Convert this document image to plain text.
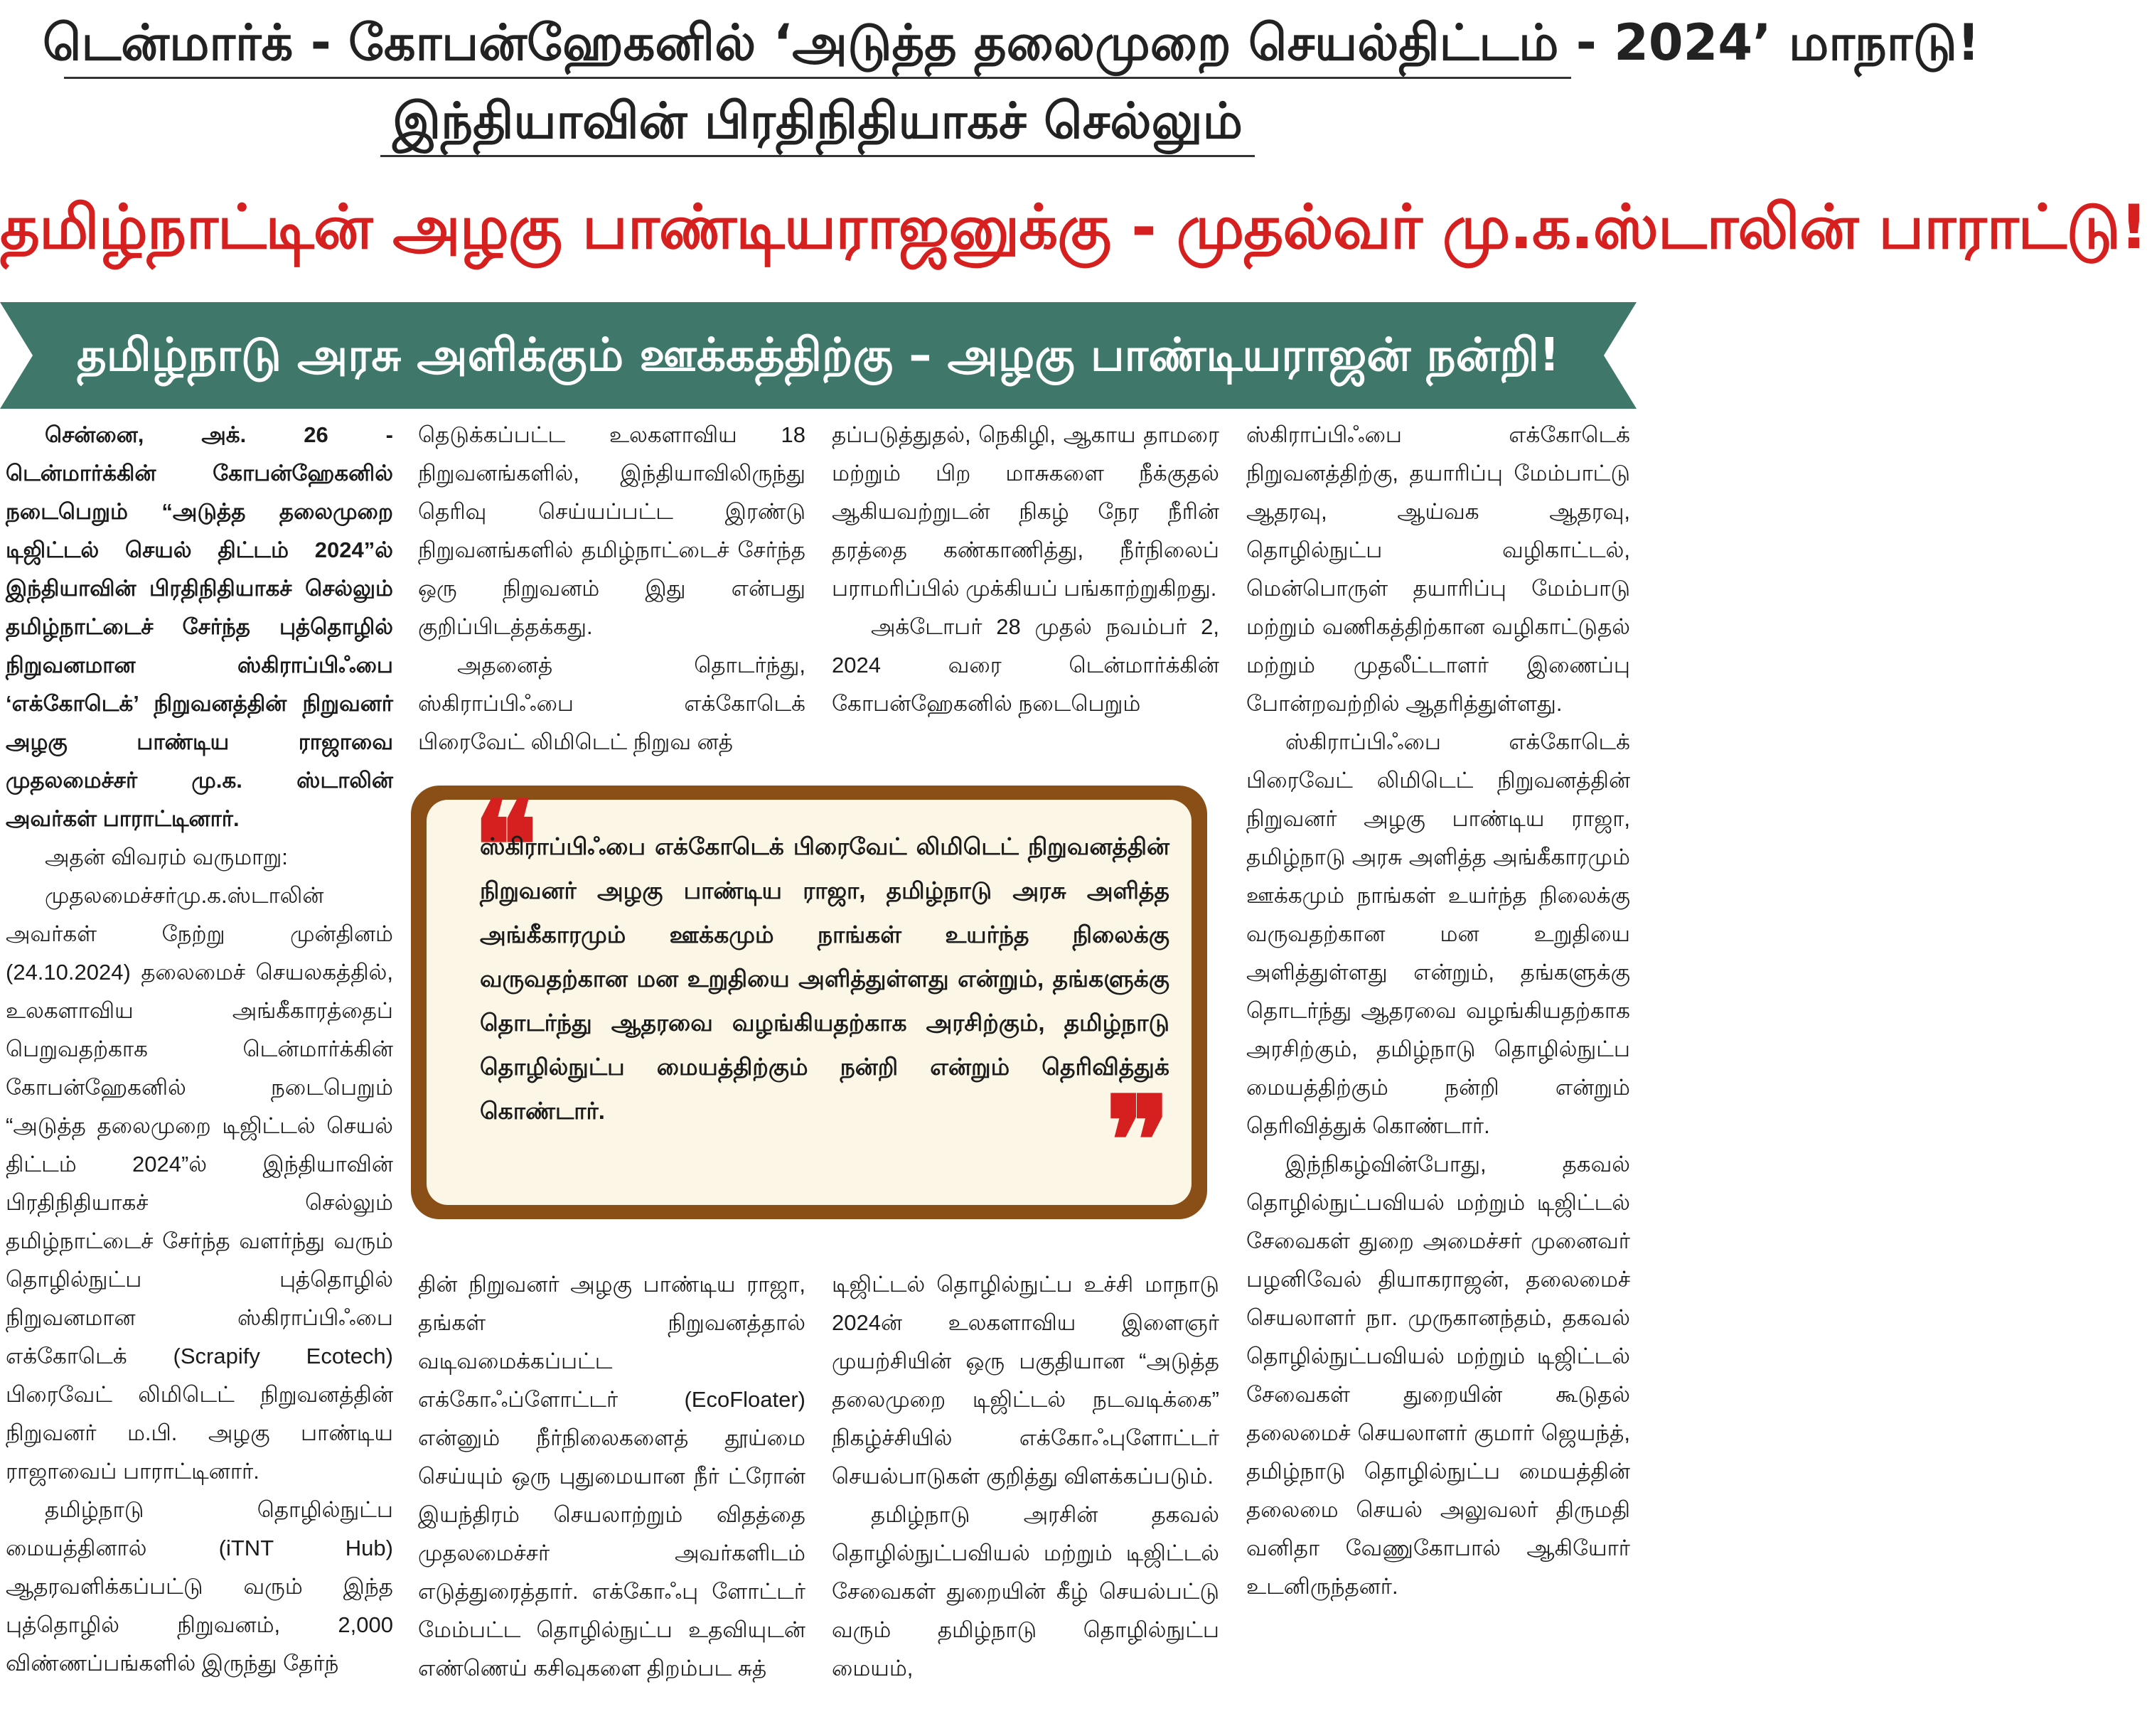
டென்மார்க் - கோபன்ஹேகனில் ‘அடுத்த தலைமுறை செயல்திட்டம் - 2024’ மாநாடு!
இந்தியாவின் பிரதிநிதியாகச் செல்லும்
தமிழ்நாட்டின் அழகு பாண்டியராஜனுக்கு - முதல்வர் மு.க.ஸ்டாலின் பாராட்டு!
தமிழ்நாடு அரசு அளிக்கும் ஊக்கத்திற்கு – அழகு பாண்டியராஜன் நன்றி!

சென்னை, அக். 26 - டென்மார்க்கின் கோபன்ஹேகனில் நடைபெறும் “அடுத்த தலைமுறை டிஜிட்டல் செயல் திட்டம் 2024”ல் இந்தியாவின் பிரதிநிதியாகச் செல்லும் தமிழ்நாட்டைச் சேர்ந்த புத்தொழில் நிறுவனமான ஸ்கிராப்பிஃபை ‘எக்கோடெக்’ நிறுவனத்தின் நிறுவனர் அழகு பாண்டிய ராஜாவை முதலமைச்சர் மு.க. ஸ்டாலின் அவர்கள் பாராட்டினார்.

அதன் விவரம் வருமாறு:

முதலமைச்சர்மு.க.ஸ்டாலின் அவர்கள் நேற்று முன்தினம் (24.10.2024) தலைமைச் செயலகத்தில், உலகளாவிய அங்கீகாரத்தைப் பெறுவதற்காக டென்மார்க்கின் கோபன்ஹேகனில் நடைபெறும் “அடுத்த தலைமுறை டிஜிட்டல் செயல் திட்டம் 2024”ல் இந்தியாவின் பிரதிநிதியாகச் செல்லும் தமிழ்நாட்டைச் சேர்ந்த வளர்ந்து வரும் தொழில்நுட்ப புத்தொழில் நிறுவனமான ஸ்கிராப்பிஃபை எக்கோடெக் (Scrapify Ecotech) பிரைவேட் லிமிடெட் நிறுவனத்தின் நிறுவனர் ம.பி. அழகு பாண்டிய ராஜாவைப் பாராட்டினார்.

தமிழ்நாடு தொழில்நுட்ப மையத்தினால் (iTNT Hub) ஆதரவளிக்கப்பட்டு வரும் இந்த புத்தொழில் நிறுவனம், 2,000 விண்ணப்பங்களில் இருந்து தேர்ந்

தெடுக்கப்பட்ட உலகளாவிய 18 நிறுவனங்களில், இந்தியாவிலிருந்து தெரிவு செய்யப்பட்ட இரண்டு நிறுவனங்களில் தமிழ்நாட்டைச் சேர்ந்த ஒரு நிறுவனம் இது என்பது குறிப்பிடத்தக்கது.

அதனைத் தொடர்ந்து, ஸ்கிராப்பிஃபை எக்கோடெக் பிரைவேட் லிமிடெட் நிறுவ னத்

தப்படுத்துதல், நெகிழி, ஆகாய தாமரை மற்றும் பிற மாசுகளை நீக்குதல் ஆகியவற்றுடன் நிகழ் நேர நீரின் தரத்தை கண்காணித்து, நீர்நிலைப் பராமரிப்பில் முக்கியப் பங்காற்றுகிறது.

அக்டோபர் 28 முதல் நவம்பர் 2, 2024 வரை டென்மார்க்கின் கோபன்ஹேகனில் நடைபெறும்

❝
ஸ்கிராப்பிஃபை எக்கோடெக் பிரைவேட் லிமிடெட் நிறுவனத்தின் நிறுவனர் அழகு பாண்டிய ராஜா, தமிழ்நாடு அரசு அளித்த அங்கீகாரமும் ஊக்கமும் நாங்கள் உயர்ந்த நிலைக்கு வருவதற்கான மன உறுதியை அளித்துள்ளது என்றும், தங்களுக்கு தொடர்ந்து ஆதரவை வழங்கியதற்காக அரசிற்கும், தமிழ்நாடு தொழில்நுட்ப மையத்திற்கும் நன்றி என்றும் தெரிவித்துக் கொண்டார்.	❞

தின் நிறுவனர் அழகு பாண்டிய ராஜா, தங்கள் நிறுவனத்தால் வடிவமைக்கப்பட்ட எக்கோஃப்ளோட்டர் (EcoFloater) என்னும் நீர்நிலைகளைத் தூய்மை செய்யும் ஒரு புதுமையான நீர் ட்ரோன் இயந்திரம் செயலாற்றும் விதத்தை முதலமைச்சர் அவர்களிடம் எடுத்துரைத்தார். எக்கோஃபு ளோட்டர் மேம்பட்ட தொழில்நுட்ப உதவியுடன் எண்ணெய் கசிவுகளை திறம்பட சுத்

டிஜிட்டல் தொழில்நுட்ப உச்சி மாநாடு 2024ன் உலகளாவிய இளைஞர் முயற்சியின் ஒரு பகுதியான “அடுத்த தலைமுறை டிஜிட்டல் நடவடிக்கை” நிகழ்ச்சியில் எக்கோஃபுளோட்டர் செயல்பாடுகள் குறித்து விளக்கப்படும்.

தமிழ்நாடு அரசின் தகவல் தொழில்நுட்பவியல் மற்றும் டிஜிட்டல் சேவைகள் துறையின் கீழ் செயல்பட்டு வரும் தமிழ்நாடு தொழில்நுட்ப மையம்,

ஸ்கிராப்பிஃபை எக்கோடெக் நிறுவனத்திற்கு, தயாரிப்பு மேம்பாட்டு ஆதரவு, ஆய்வக ஆதரவு, தொழில்நுட்ப வழிகாட்டல், மென்பொருள் தயாரிப்பு மேம்பாடு மற்றும் வணிகத்திற்கான வழிகாட்டுதல் மற்றும் முதலீட்டாளர் இணைப்பு போன்றவற்றில் ஆதரித்துள்ளது.

ஸ்கிராப்பிஃபை எக்கோடெக் பிரைவேட் லிமிடெட் நிறுவனத்தின் நிறுவனர் அழகு பாண்டிய ராஜா, தமிழ்நாடு அரசு அளித்த அங்கீகாரமும் ஊக்கமும் நாங்கள் உயர்ந்த நிலைக்கு வருவதற்கான மன உறுதியை அளித்துள்ளது என்றும், தங்களுக்கு தொடர்ந்து ஆதரவை வழங்கியதற்காக அரசிற்கும், தமிழ்நாடு தொழில்நுட்ப மையத்திற்கும் நன்றி என்றும் தெரிவித்துக் கொண்டார்.

இந்நிகழ்வின்போது, தகவல் தொழில்நுட்பவியல் மற்றும் டிஜிட்டல் சேவைகள் துறை அமைச்சர் முனைவர் பழனிவேல் தியாகராஜன், தலைமைச் செயலாளர் நா. முருகானந்தம், தகவல் தொழில்நுட்பவியல் மற்றும் டிஜிட்டல் சேவைகள் துறையின் கூடுதல் தலைமைச் செயலாளர் குமார் ஜெயந்த், தமிழ்நாடு தொழில்நுட்ப மையத்தின் தலைமை செயல் அலுவலர் திருமதி வனிதா வேணுகோபால் ஆகியோர் உடனிருந்தனர்.
